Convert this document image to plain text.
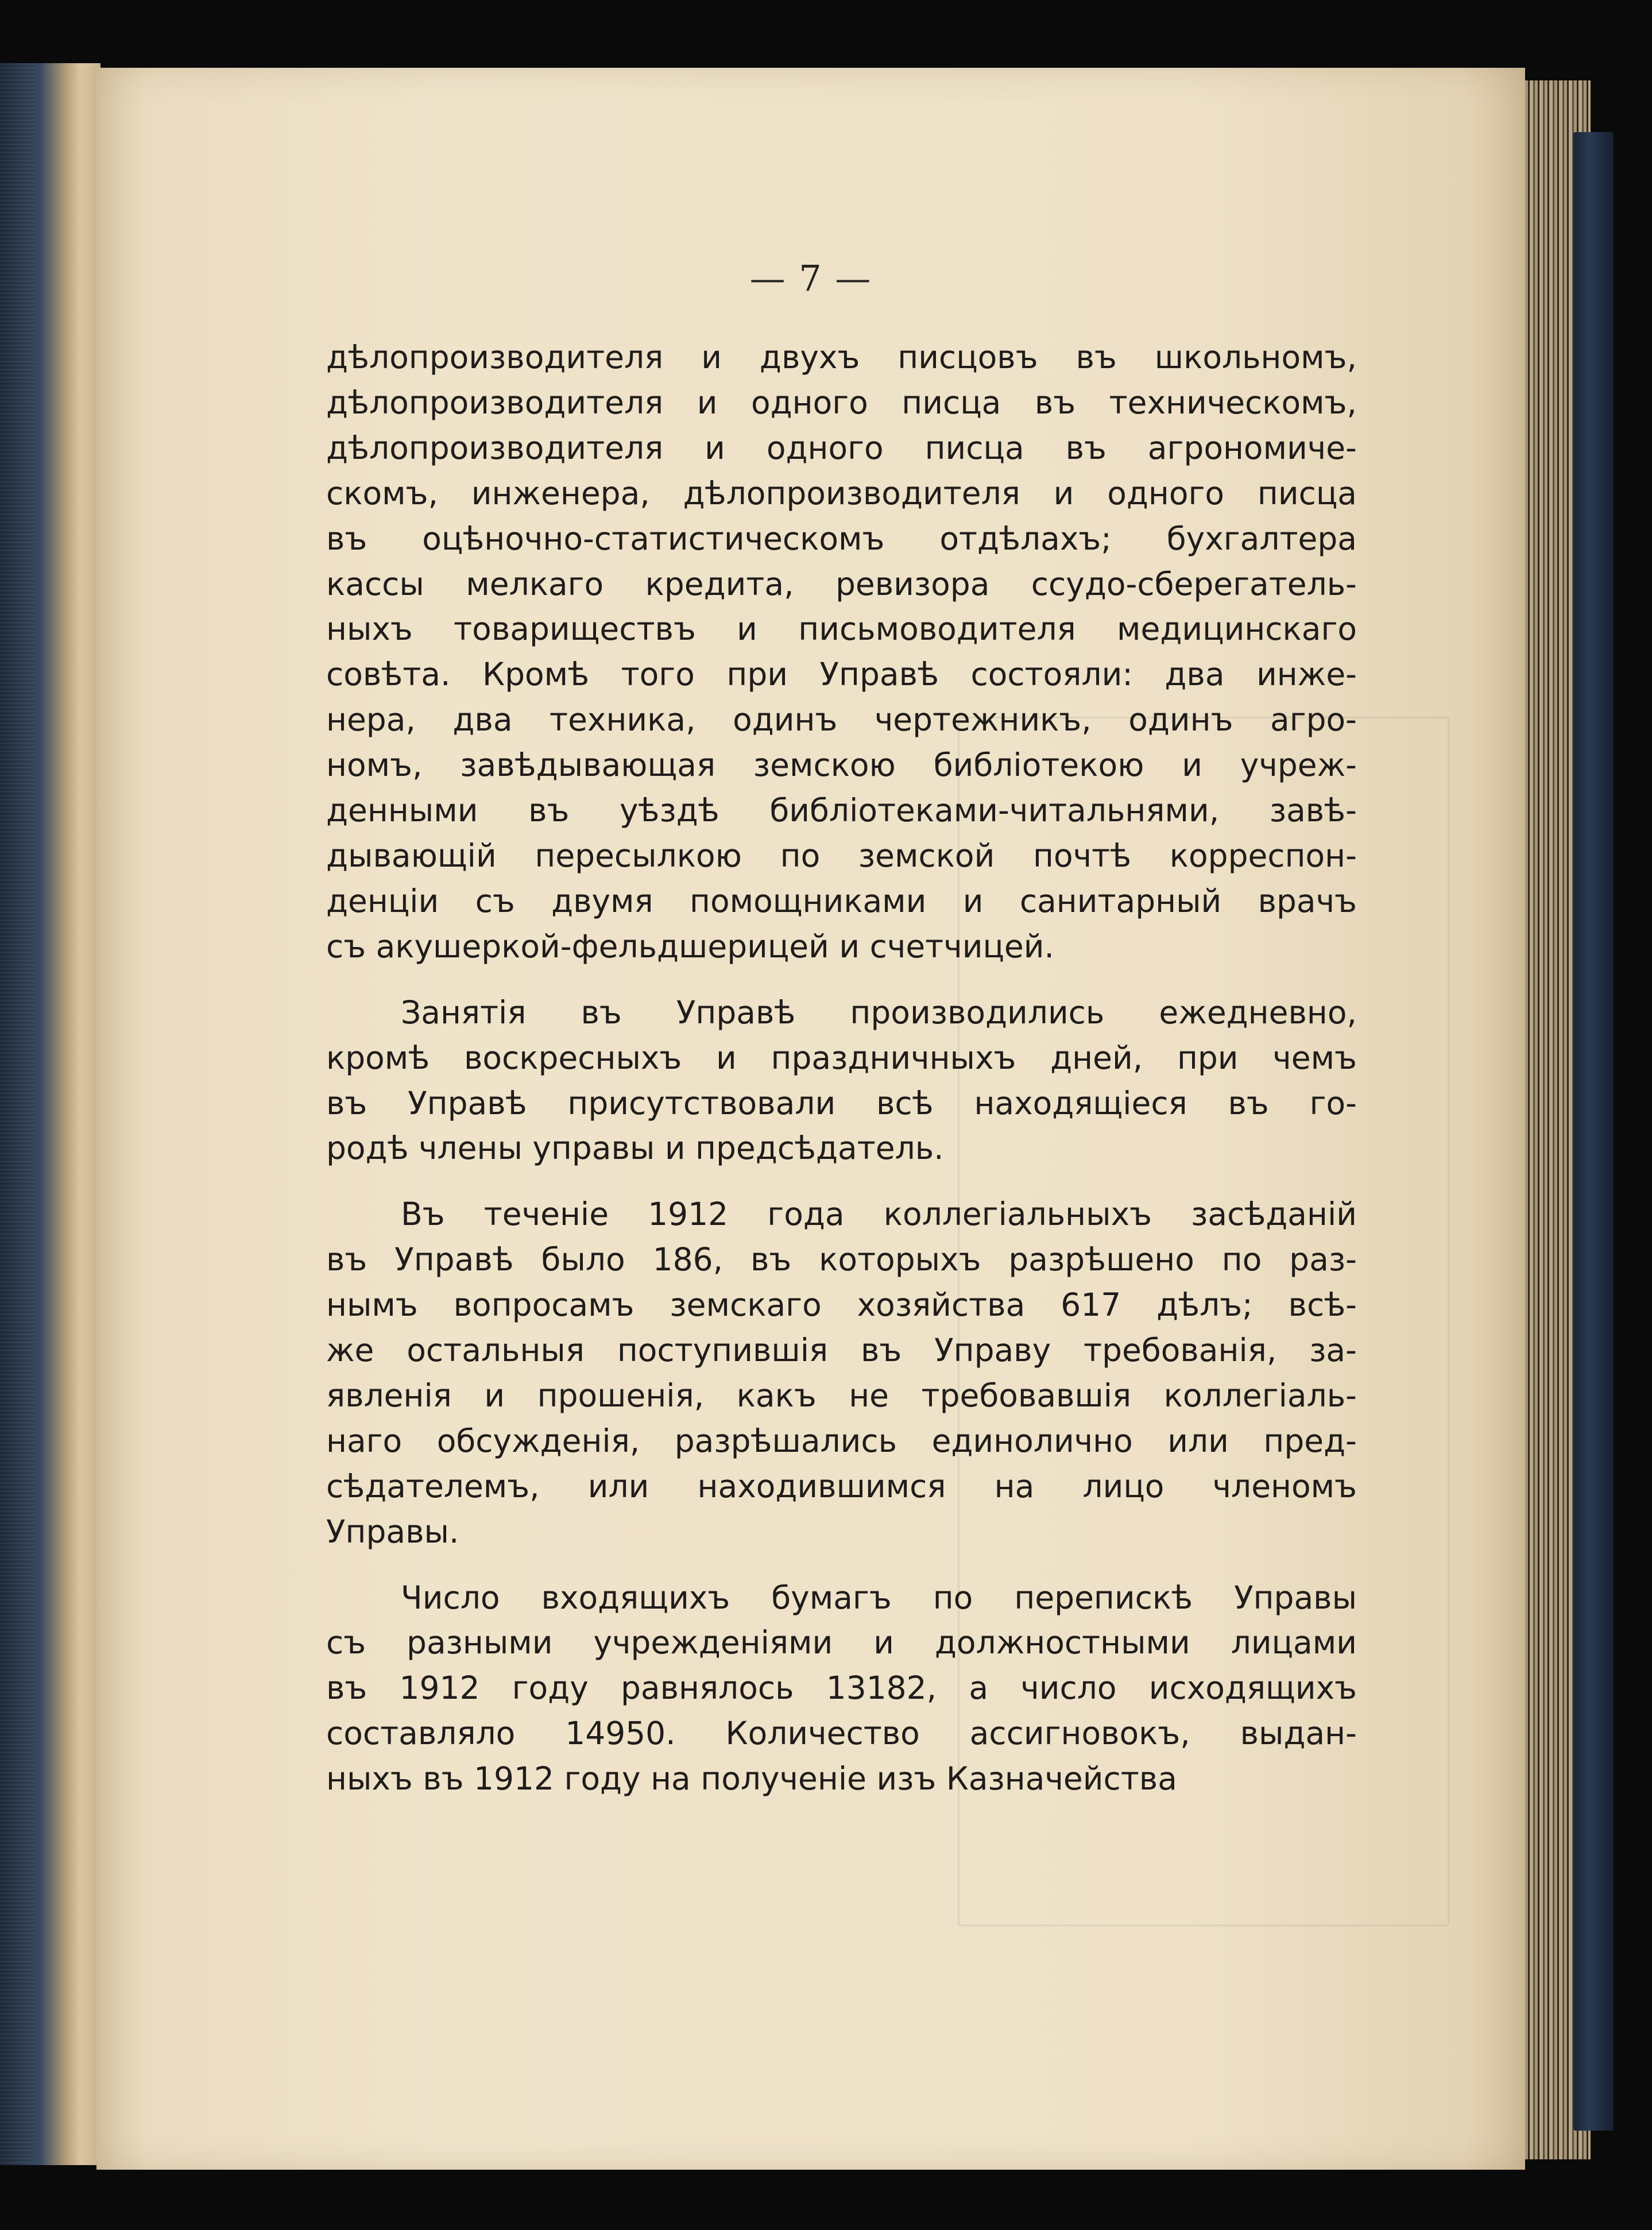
— 7 —
дѣлопроизводителя и двухъ писцовъ въ школьномъ,
дѣлопроизводителя и одного писца въ техническомъ,
дѣлопроизводителя и одного писца въ агрономиче-
скомъ, инженера, дѣлопроизводителя и одного писца
въ оцѣночно-статистическомъ отдѣлахъ; бухгалтера
кассы мелкаго кредита, ревизора ссудо-сберегатель-
ныхъ товариществъ и письмоводителя медицинскаго
совѣта. Кромѣ того при Управѣ состояли: два инже-
нера, два техника, одинъ чертежникъ, одинъ агро-
номъ, завѣдывающая земскою библіотекою и учреж-
денными въ уѣздѣ библіотеками-читальнями, завѣ-
дывающій пересылкою по земской почтѣ корреспон-
денціи съ двумя помощниками и санитарный врачъ
съ акушеркой-фельдшерицей и счетчицей.
Занятія въ Управѣ производились ежедневно,
кромѣ воскресныхъ и праздничныхъ дней, при чемъ
въ Управѣ присутствовали всѣ находящіеся въ го-
родѣ члены управы и предсѣдатель.
Въ теченіе 1912 года коллегіальныхъ засѣданій
въ Управѣ было 186, въ которыхъ разрѣшено по раз-
нымъ вопросамъ земскаго хозяйства 617 дѣлъ; всѣ-
же остальныя поступившія въ Управу требованія, за-
явленія и прошенія, какъ не требовавшія коллегіаль-
наго обсужденія, разрѣшались единолично или пред-
сѣдателемъ, или находившимся на лицо членомъ
Управы.
Число входящихъ бумагъ по перепискѣ Управы
съ разными учрежденіями и должностными лицами
въ 1912 году равнялось 13182, а число исходящихъ
составляло 14950. Количество ассигновокъ, выдан-
ныхъ въ 1912 году на полученіе изъ Казначейства
